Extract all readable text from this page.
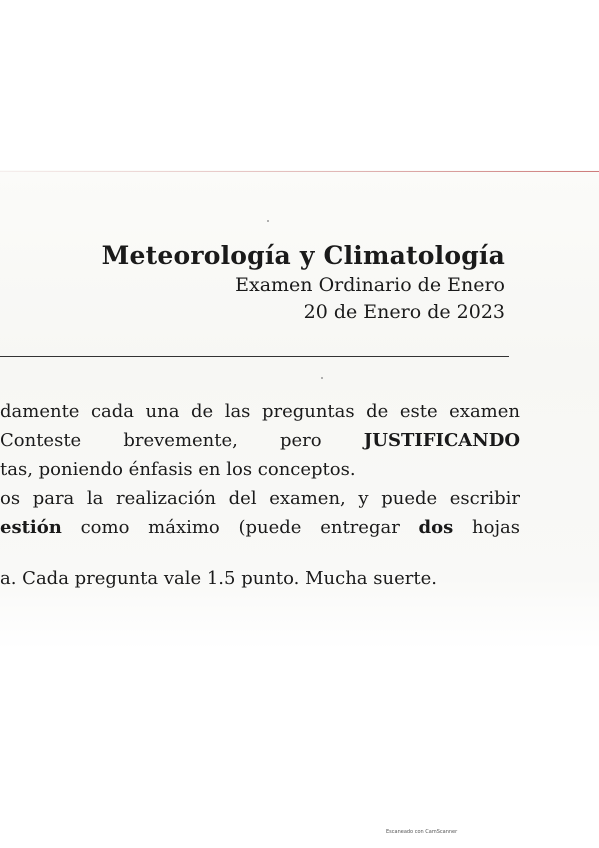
Meteorología y Climatología
Examen Ordinario de Enero
20 de Enero de 2023
damente cada una de las preguntas de este examen
Conteste brevemente, pero JUSTIFICANDO
tas, poniendo énfasis en los conceptos.
os para la realización del examen, y puede escribir
estión como máximo (puede entregar dos hojas
a. Cada pregunta vale 1.5 punto. Mucha suerte.
Escaneado con CamScanner
